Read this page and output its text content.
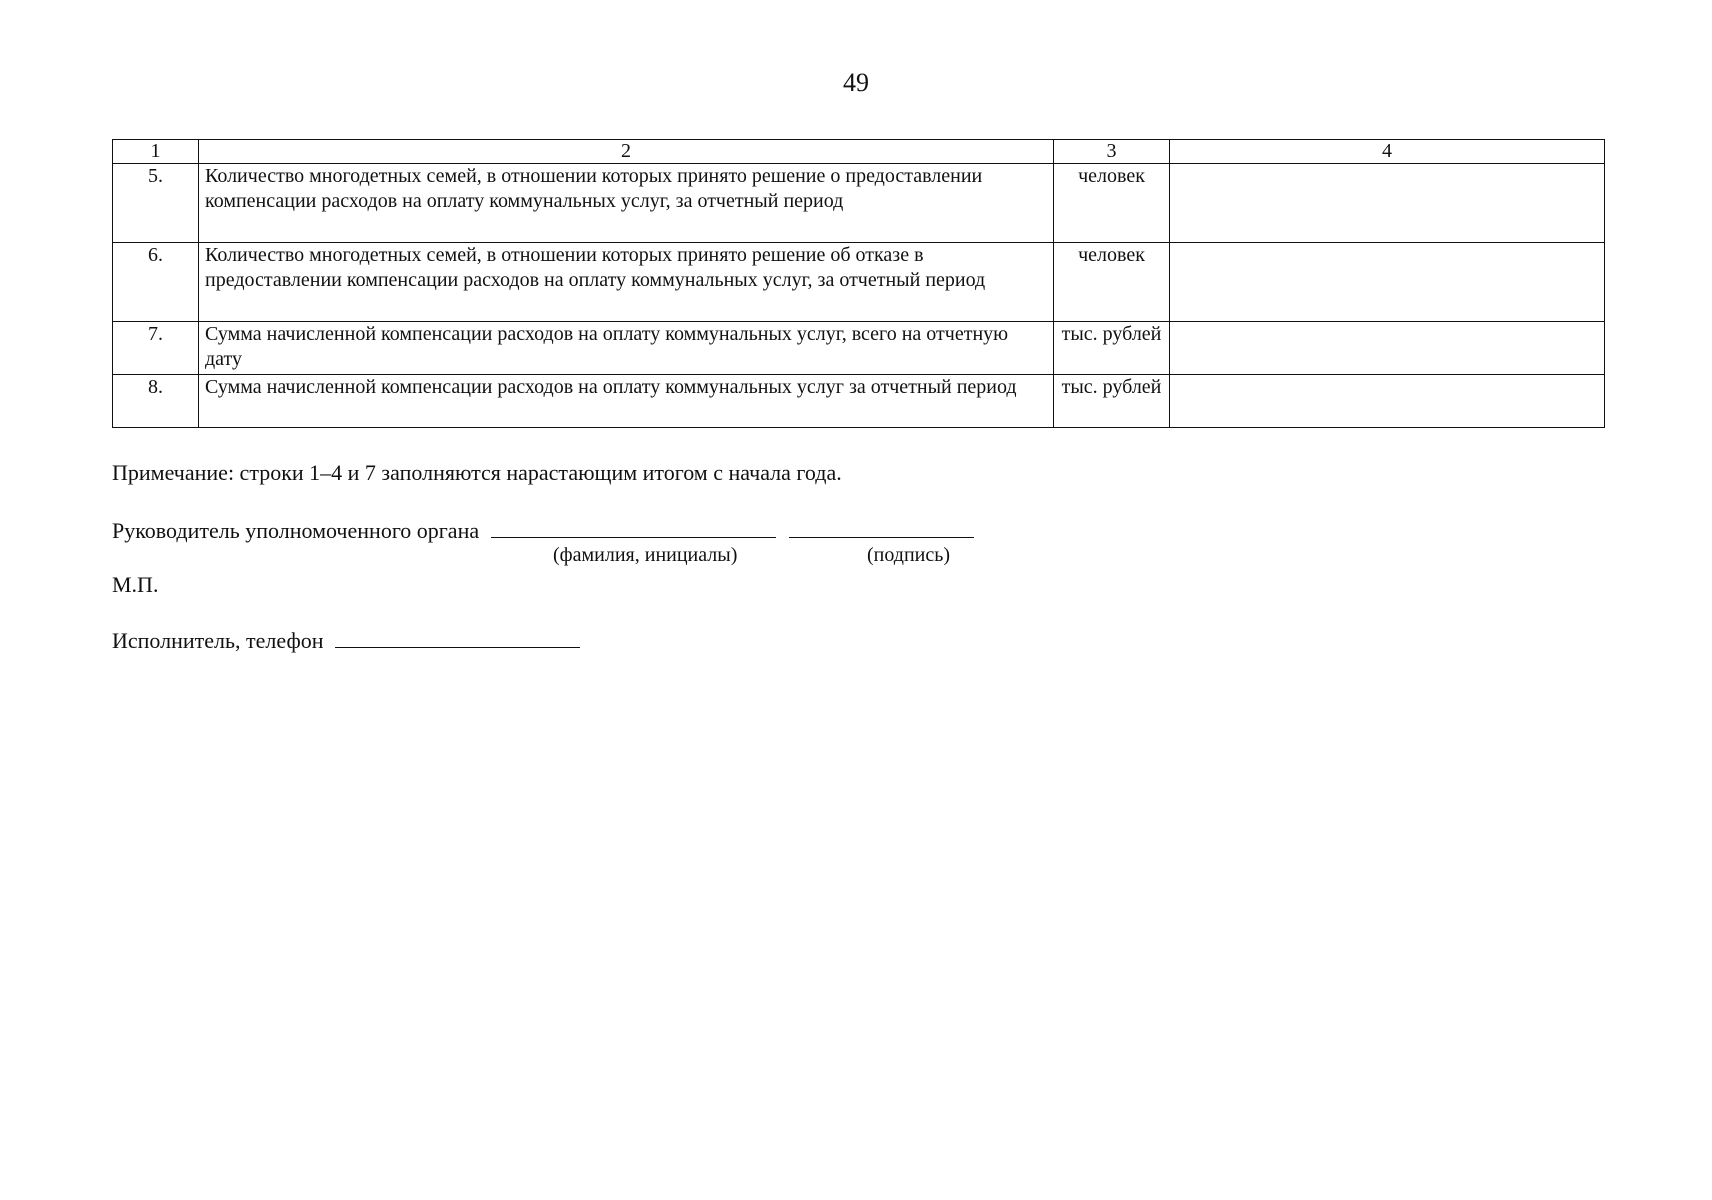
49
1	2	3	4
5.	Количество многодетных семей, в отношении которых принято решение о предоставлении компенсации расходов на оплату коммунальных услуг, за отчетный период	человек	
6.	Количество многодетных семей, в отношении которых принято решение об отказе в предоставлении компенсации расходов на оплату коммунальных услуг, за отчетный период	человек	
7.	Сумма начисленной компенсации расходов на оплату коммунальных услуг, всего на отчетную дату	тыс. рублей	
8.	Сумма начисленной компенсации расходов на оплату коммунальных услуг за отчетный период	тыс. рублей	
Примечание: строки 1–4 и 7 заполняются нарастающим итогом с начала года.
Руководитель уполномоченного органа
(фамилия, инициалы)	(подпись)
М.П.
Исполнитель, телефон
